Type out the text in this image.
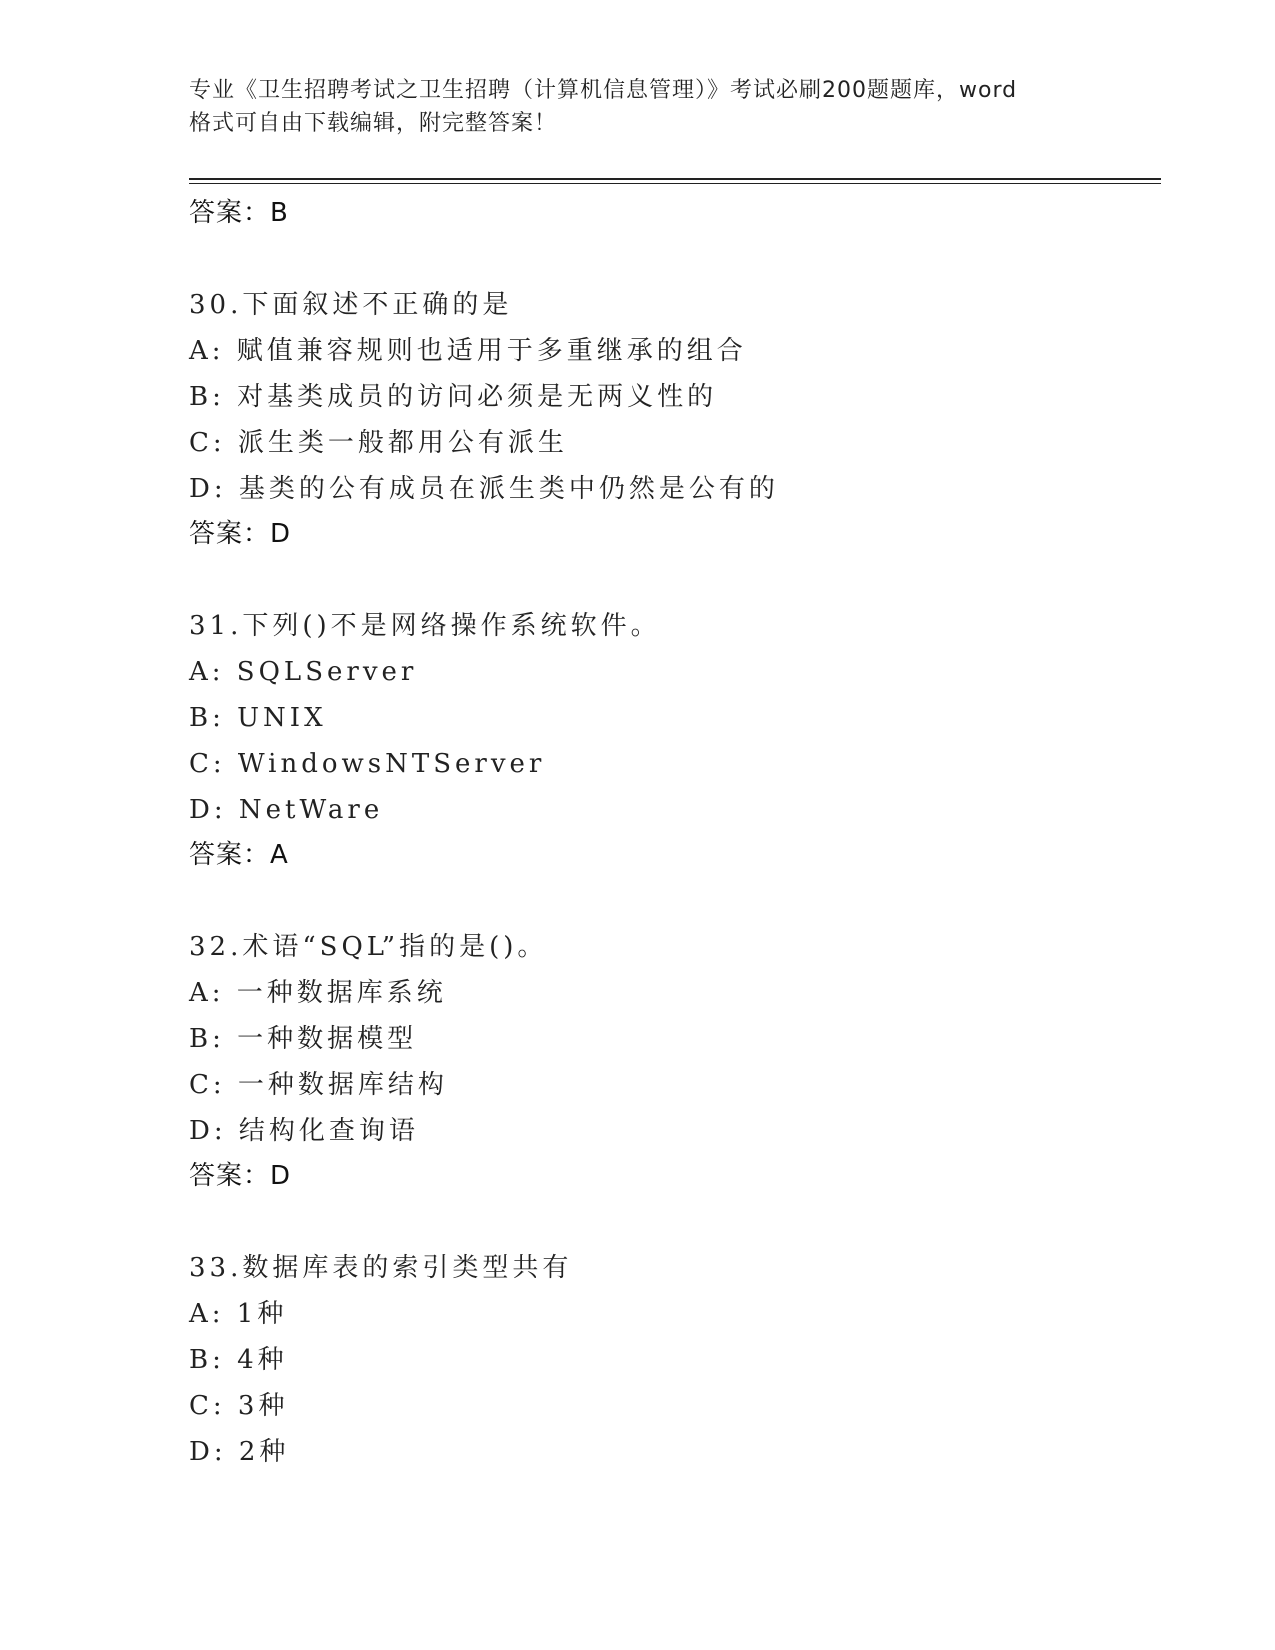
专业《卫生招聘考试之卫生招聘（计算机信息管理）》考试必刷200题题库，word
格式可自由下载编辑，附完整答案！

答案：B

30.下面叙述不正确的是

A: 赋值兼容规则也适用于多重继承的组合

B: 对基类成员的访问必须是无两义性的

C: 派生类一般都用公有派生

D: 基类的公有成员在派生类中仍然是公有的

答案：D

31.下列()不是网络操作系统软件。

A: SQLServer

B: UNIX

C: WindowsNTServer

D: NetWare

答案：A

32.术语“SQL”指的是()。

A: 一种数据库系统

B: 一种数据模型

C: 一种数据库结构

D: 结构化查询语

答案：D

33.数据库表的索引类型共有

A: 1种

B: 4种

C: 3种

D: 2种
